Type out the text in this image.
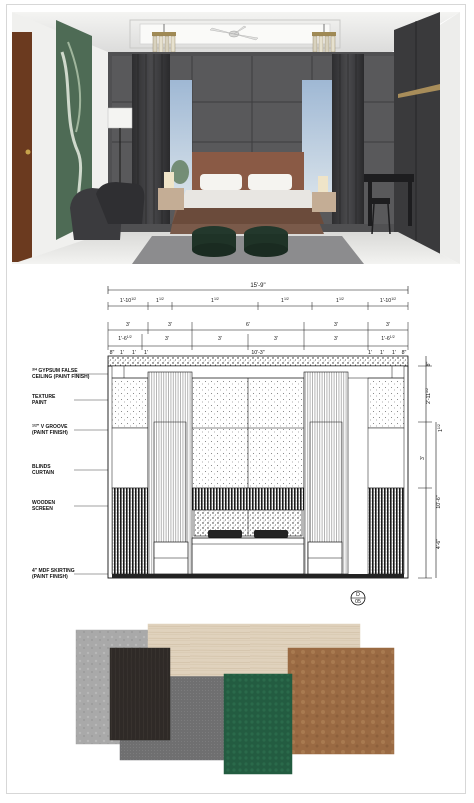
15'-9"
$1'-10^{1/2}$	$1^{1/2}$	$1^{1/2}$	$1^{1/2}$	$1^{1/2}$	$1'-10^{1/2}$
3'	3'	6'	3'	3'
$1'-6^{1/2}$	3'	3'	3'	3'	$1'-6^{1/2}$
8" 1' 1' 1'	10'-3"	1' 1' 1' 8"
$^{3/4}$ GYPSUM FALSE
CEILING (PAINT FINISH)
TEXTURE
PAINT
$^{1/2}$" V GROOVE
(PAINT FINISH)
BLINDS
CURTAIN
WOODEN
SCREEN
4" MDF SKIRTING
(PAINT FINISH)
8"
$2'-11^{1/2}$
$1^{1/2}$
3'
10'-6"
4'-6"
D
05
